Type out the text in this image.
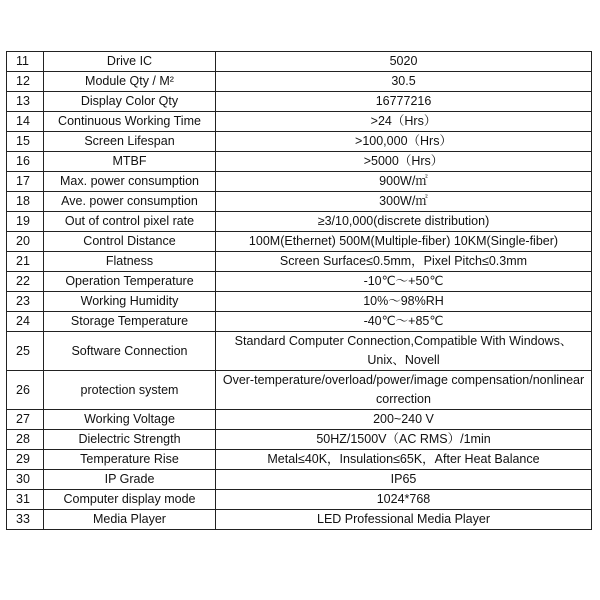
11	Drive IC	5020
12	Module Qty / M²	30.5
13	Display Color Qty	16777216
14	Continuous Working Time	>24（Hrs）
15	Screen Lifespan	>100,000（Hrs）
16	MTBF	>5000（Hrs）
17	Max. power consumption	900W/㎡
18	Ave. power consumption	300W/㎡
19	Out of control pixel rate	≥3/10,000(discrete distribution)
20	Control Distance	100M(Ethernet) 500M(Multiple-fiber) 10KM(Single-fiber)
21	Flatness	Screen Surface≤0.5mm，Pixel Pitch≤0.3mm
22	Operation Temperature	-10℃～+50℃
23	Working Humidity	10%～98%RH
24	Storage Temperature	-40℃～+85℃
25	Software Connection	Standard Computer Connection,Compatible With Windows、Unix、Novell
26	protection system	Over-temperature/overload/power/image compensation/nonlinear correction
27	Working Voltage	200~240 V
28	Dielectric Strength	50HZ/1500V（AC RMS）/1min
29	Temperature Rise	Metal≤40K，Insulation≤65K，After Heat Balance
30	IP Grade	IP65
31	Computer display mode	1024*768
33	Media Player	LED Professional Media Player
